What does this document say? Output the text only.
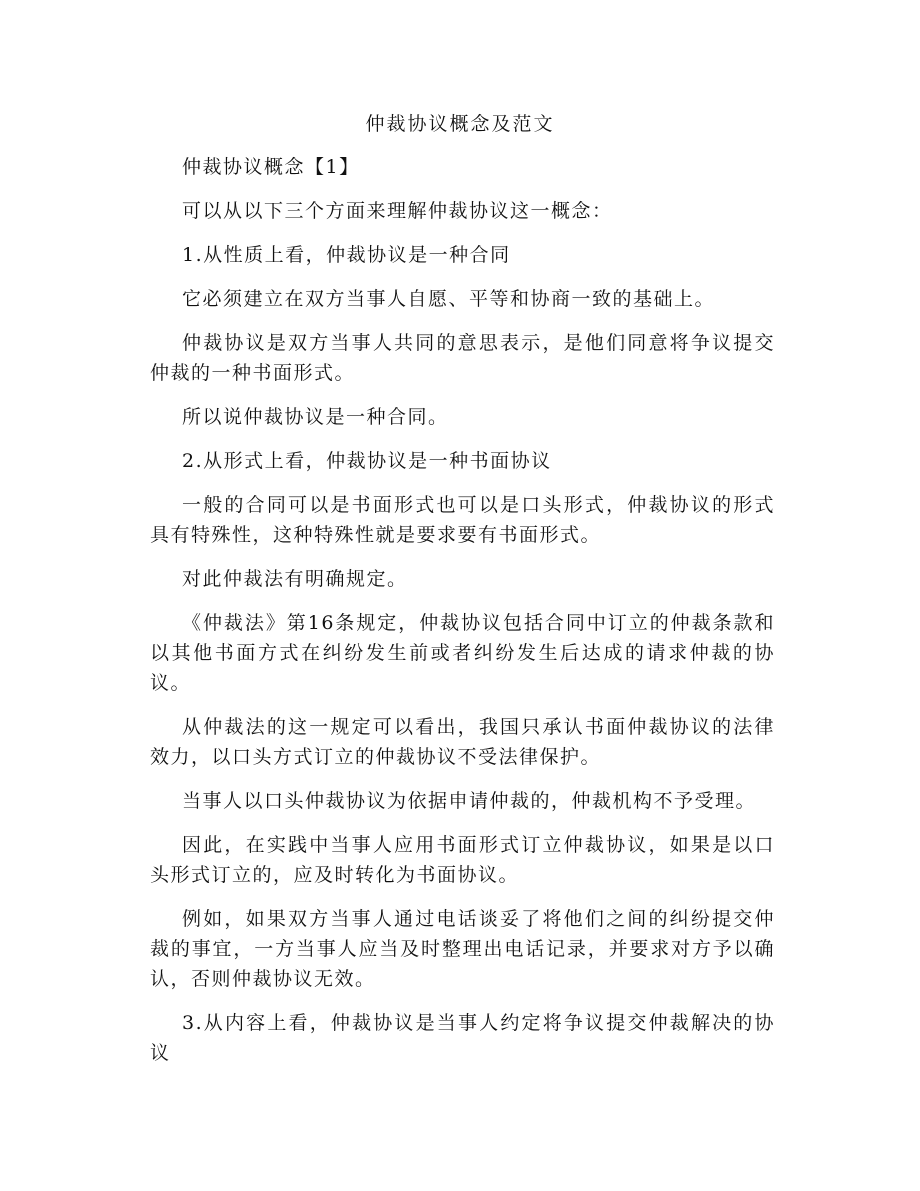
仲裁协议概念及范文

仲裁协议概念【1】

可以从以下三个方面来理解仲裁协议这一概念：

1.从性质上看，仲裁协议是一种合同

它必须建立在双方当事人自愿、平等和协商一致的基础上。

仲裁协议是双方当事人共同的意思表示，是他们同意将争议提交仲裁的一种书面形式。

所以说仲裁协议是一种合同。

2.从形式上看，仲裁协议是一种书面协议

一般的合同可以是书面形式也可以是口头形式，仲裁协议的形式具有特殊性，这种特殊性就是要求要有书面形式。

对此仲裁法有明确规定。

《仲裁法》第16条规定，仲裁协议包括合同中订立的仲裁条款和以其他书面方式在纠纷发生前或者纠纷发生后达成的请求仲裁的协议。

从仲裁法的这一规定可以看出，我国只承认书面仲裁协议的法律效力，以口头方式订立的仲裁协议不受法律保护。

当事人以口头仲裁协议为依据申请仲裁的，仲裁机构不予受理。

因此，在实践中当事人应用书面形式订立仲裁协议，如果是以口头形式订立的，应及时转化为书面协议。

例如，如果双方当事人通过电话谈妥了将他们之间的纠纷提交仲裁的事宜，一方当事人应当及时整理出电话记录，并要求对方予以确认，否则仲裁协议无效。

3.从内容上看，仲裁协议是当事人约定将争议提交仲裁解决的协议
